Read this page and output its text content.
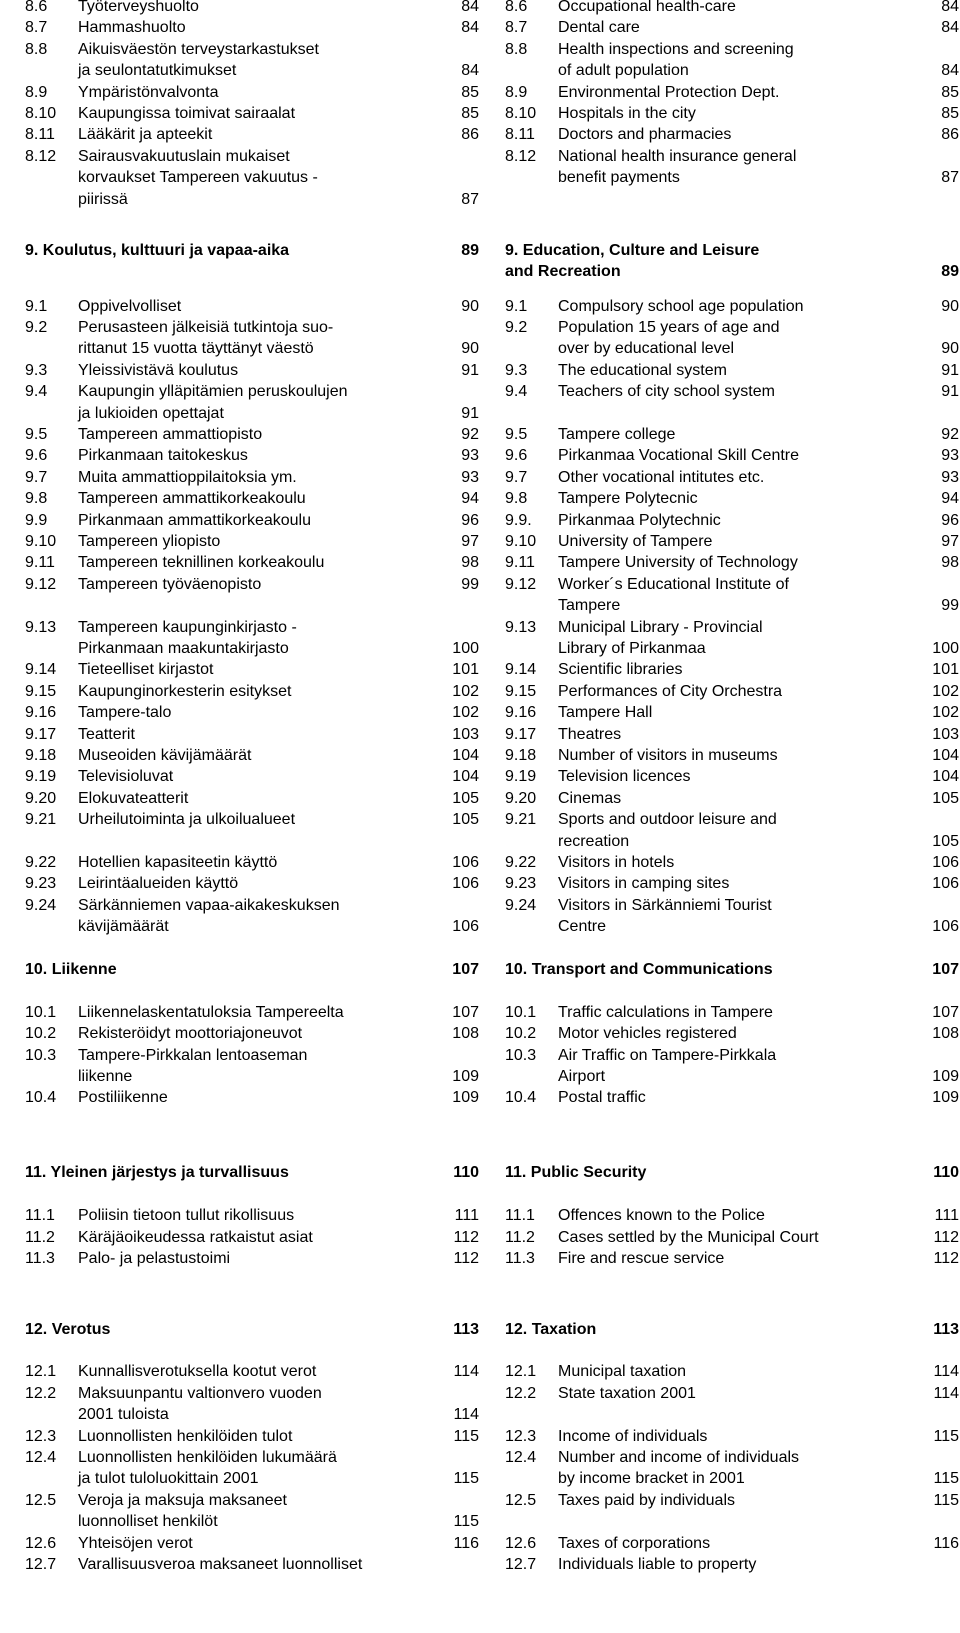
8.6 Työterveyshuolto	84
8.7 Hammashuolto	84
8.8 Aikuisväestön terveystarkastukset
ja seulontatutkimukset	84
8.9 Ympäristönvalvonta	85
8.10 Kaupungissa toimivat sairaalat	85
8.11 Lääkärit ja apteekit	86
8.12 Sairausvakuutuslain mukaiset
korvaukset Tampereen vakuutus -
piirissä	87
9. Koulutus, kulttuuri ja vapaa-aika	89
9.1 Oppivelvolliset	90
9.2 Perusasteen jälkeisiä tutkintoja suo-
rittanut 15 vuotta täyttänyt väestö	90
9.3 Yleissivistävä koulutus	91
9.4 Kaupungin ylläpitämien peruskoulujen
ja lukioiden opettajat	91
9.5 Tampereen ammattiopisto	92
9.6 Pirkanmaan taitokeskus	93
9.7 Muita ammattioppilaitoksia ym.	93
9.8 Tampereen ammattikorkeakoulu	94
9.9 Pirkanmaan ammattikorkeakoulu	96
9.10 Tampereen yliopisto	97
9.11 Tampereen teknillinen korkeakoulu	98
9.12 Tampereen työväenopisto	99
9.13 Tampereen kaupunginkirjasto -
Pirkanmaan maakuntakirjasto	100
9.14 Tieteelliset kirjastot	101
9.15 Kaupunginorkesterin esitykset	102
9.16 Tampere-talo	102
9.17 Teatterit	103
9.18 Museoiden kävijämäärät	104
9.19 Televisioluvat	104
9.20 Elokuvateatterit	105
9.21 Urheilutoiminta ja ulkoilualueet	105
9.22 Hotellien kapasiteetin käyttö	106
9.23 Leirintäalueiden käyttö	106
9.24 Särkänniemen vapaa-aikakeskuksen
kävijämäärät	106
10. Liikenne	107
10.1 Liikennelaskentatuloksia Tampereelta	107
10.2 Rekisteröidyt moottoriajoneuvot	108
10.3 Tampere-Pirkkalan lentoaseman
liikenne	109
10.4 Postiliikenne	109
11. Yleinen järjestys ja turvallisuus	110
11.1 Poliisin tietoon tullut rikollisuus	111
11.2 Käräjäoikeudessa ratkaistut asiat	112
11.3 Palo- ja pelastustoimi	112
12. Verotus	113
12.1 Kunnallisverotuksella kootut verot	114
12.2 Maksuunpantu valtionvero vuoden
2001 tuloista	114
12.3 Luonnollisten henkilöiden tulot	115
12.4 Luonnollisten henkilöiden lukumäärä
ja tulot tuloluokittain 2001	115
12.5 Veroja ja maksuja maksaneet
luonnolliset henkilöt	115
12.6 Yhteisöjen verot	116
12.7 Varallisuusveroa maksaneet luonnolliset
8.6 Occupational health-care	84
8.7 Dental care	84
8.8 Health inspections and screening
of adult population	84
8.9 Environmental Protection Dept.	85
8.10 Hospitals in the city	85
8.11 Doctors and pharmacies	86
8.12 National health insurance general
benefit payments	87
9. Education, Culture and Leisure
and Recreation	89
9.1 Compulsory school age population	90
9.2 Population 15 years of age and
over by educational level	90
9.3 The educational system	91
9.4 Teachers of city school system	91
9.5 Tampere college	92
9.6 Pirkanmaa Vocational Skill Centre	93
9.7 Other vocational intitutes etc.	93
9.8 Tampere Polytecnic	94
9.9. Pirkanmaa Polytechnic	96
9.10 University of Tampere	97
9.11 Tampere University of Technology	98
9.12 Worker´s Educational Institute of
Tampere	99
9.13 Municipal Library - Provincial
Library of Pirkanmaa	100
9.14 Scientific libraries	101
9.15 Performances of City Orchestra	102
9.16 Tampere Hall	102
9.17 Theatres	103
9.18 Number of visitors in museums	104
9.19 Television licences	104
9.20 Cinemas	105
9.21 Sports and outdoor leisure and
recreation	105
9.22 Visitors in hotels	106
9.23 Visitors in camping sites	106
9.24 Visitors in Särkänniemi Tourist
Centre	106
10. Transport and Communications	107
10.1 Traffic calculations in Tampere	107
10.2 Motor vehicles registered	108
10.3 Air Traffic on Tampere-Pirkkala
Airport	109
10.4 Postal traffic	109
11. Public Security	110
11.1 Offences known to the Police	111
11.2 Cases settled by the Municipal Court	112
11.3 Fire and rescue service	112
12. Taxation	113
12.1 Municipal taxation	114
12.2 State taxation 2001	114
12.3 Income of individuals	115
12.4 Number and income of individuals
by income bracket in 2001	115
12.5 Taxes paid by individuals	115
12.6 Taxes of corporations	116
12.7 Individuals liable to property
